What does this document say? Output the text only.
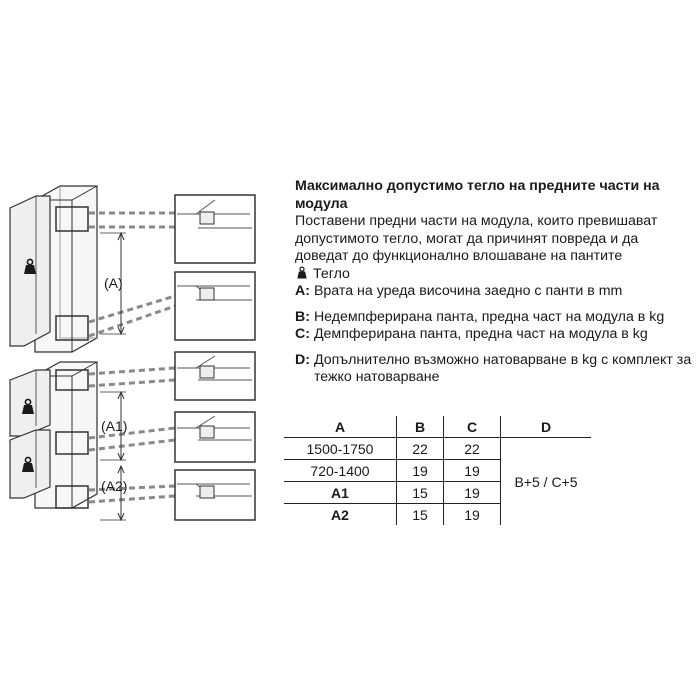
(A)
(A1)
(A2)

Максимално допустимо тегло на предните части на модула

Поставени предни части на модула, които превишават допустимото тегло, могат да причинят повреда и да доведат до функционално влошаване на пантите

Тегло

A:
Врата на уреда височина заедно с панти в mm

B:
Недемпферирана панта, предна част на модула в kg

C:
Демпферирана панта, предна част на модула в kg

D:
Допълнително възможно натоварване в kg с комплект за тежко натоварване

A	B	C	D
1500-1750	22	22	B+5 / C+5
720-1400	19	19	
A1	15	19	
A2	15	19	
